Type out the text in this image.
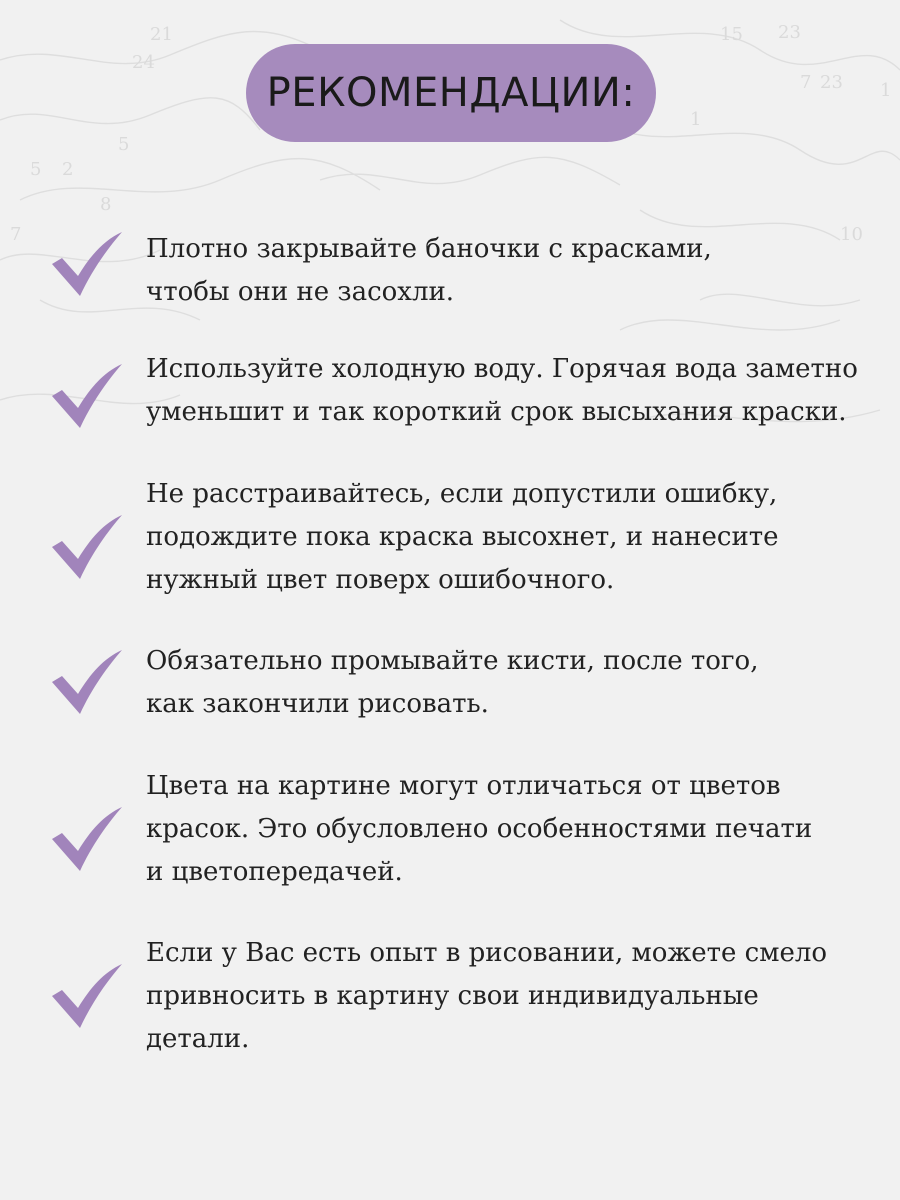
5 2
5
8
1
15 23
7 23 1
21
24
7	10
РЕКОМЕНДАЦИИ:
Плотно закрывайте баночки с красками,
чтобы они не засохли.
Используйте холодную воду. Горячая вода заметно
уменьшит и так короткий срок высыхания краски.
Не расстраивайтесь, если допустили ошибку,
подождите пока краска высохнет, и нанесите
нужный цвет поверх ошибочного.
Обязательно промывайте кисти, после того,
как закончили рисовать.
Цвета на картине могут отличаться от цветов
красок. Это обусловлено особенностями печати
и цветопередачей.
Если у Вас есть опыт в рисовании, можете смело
привносить в картину свои индивидуальные
детали.
